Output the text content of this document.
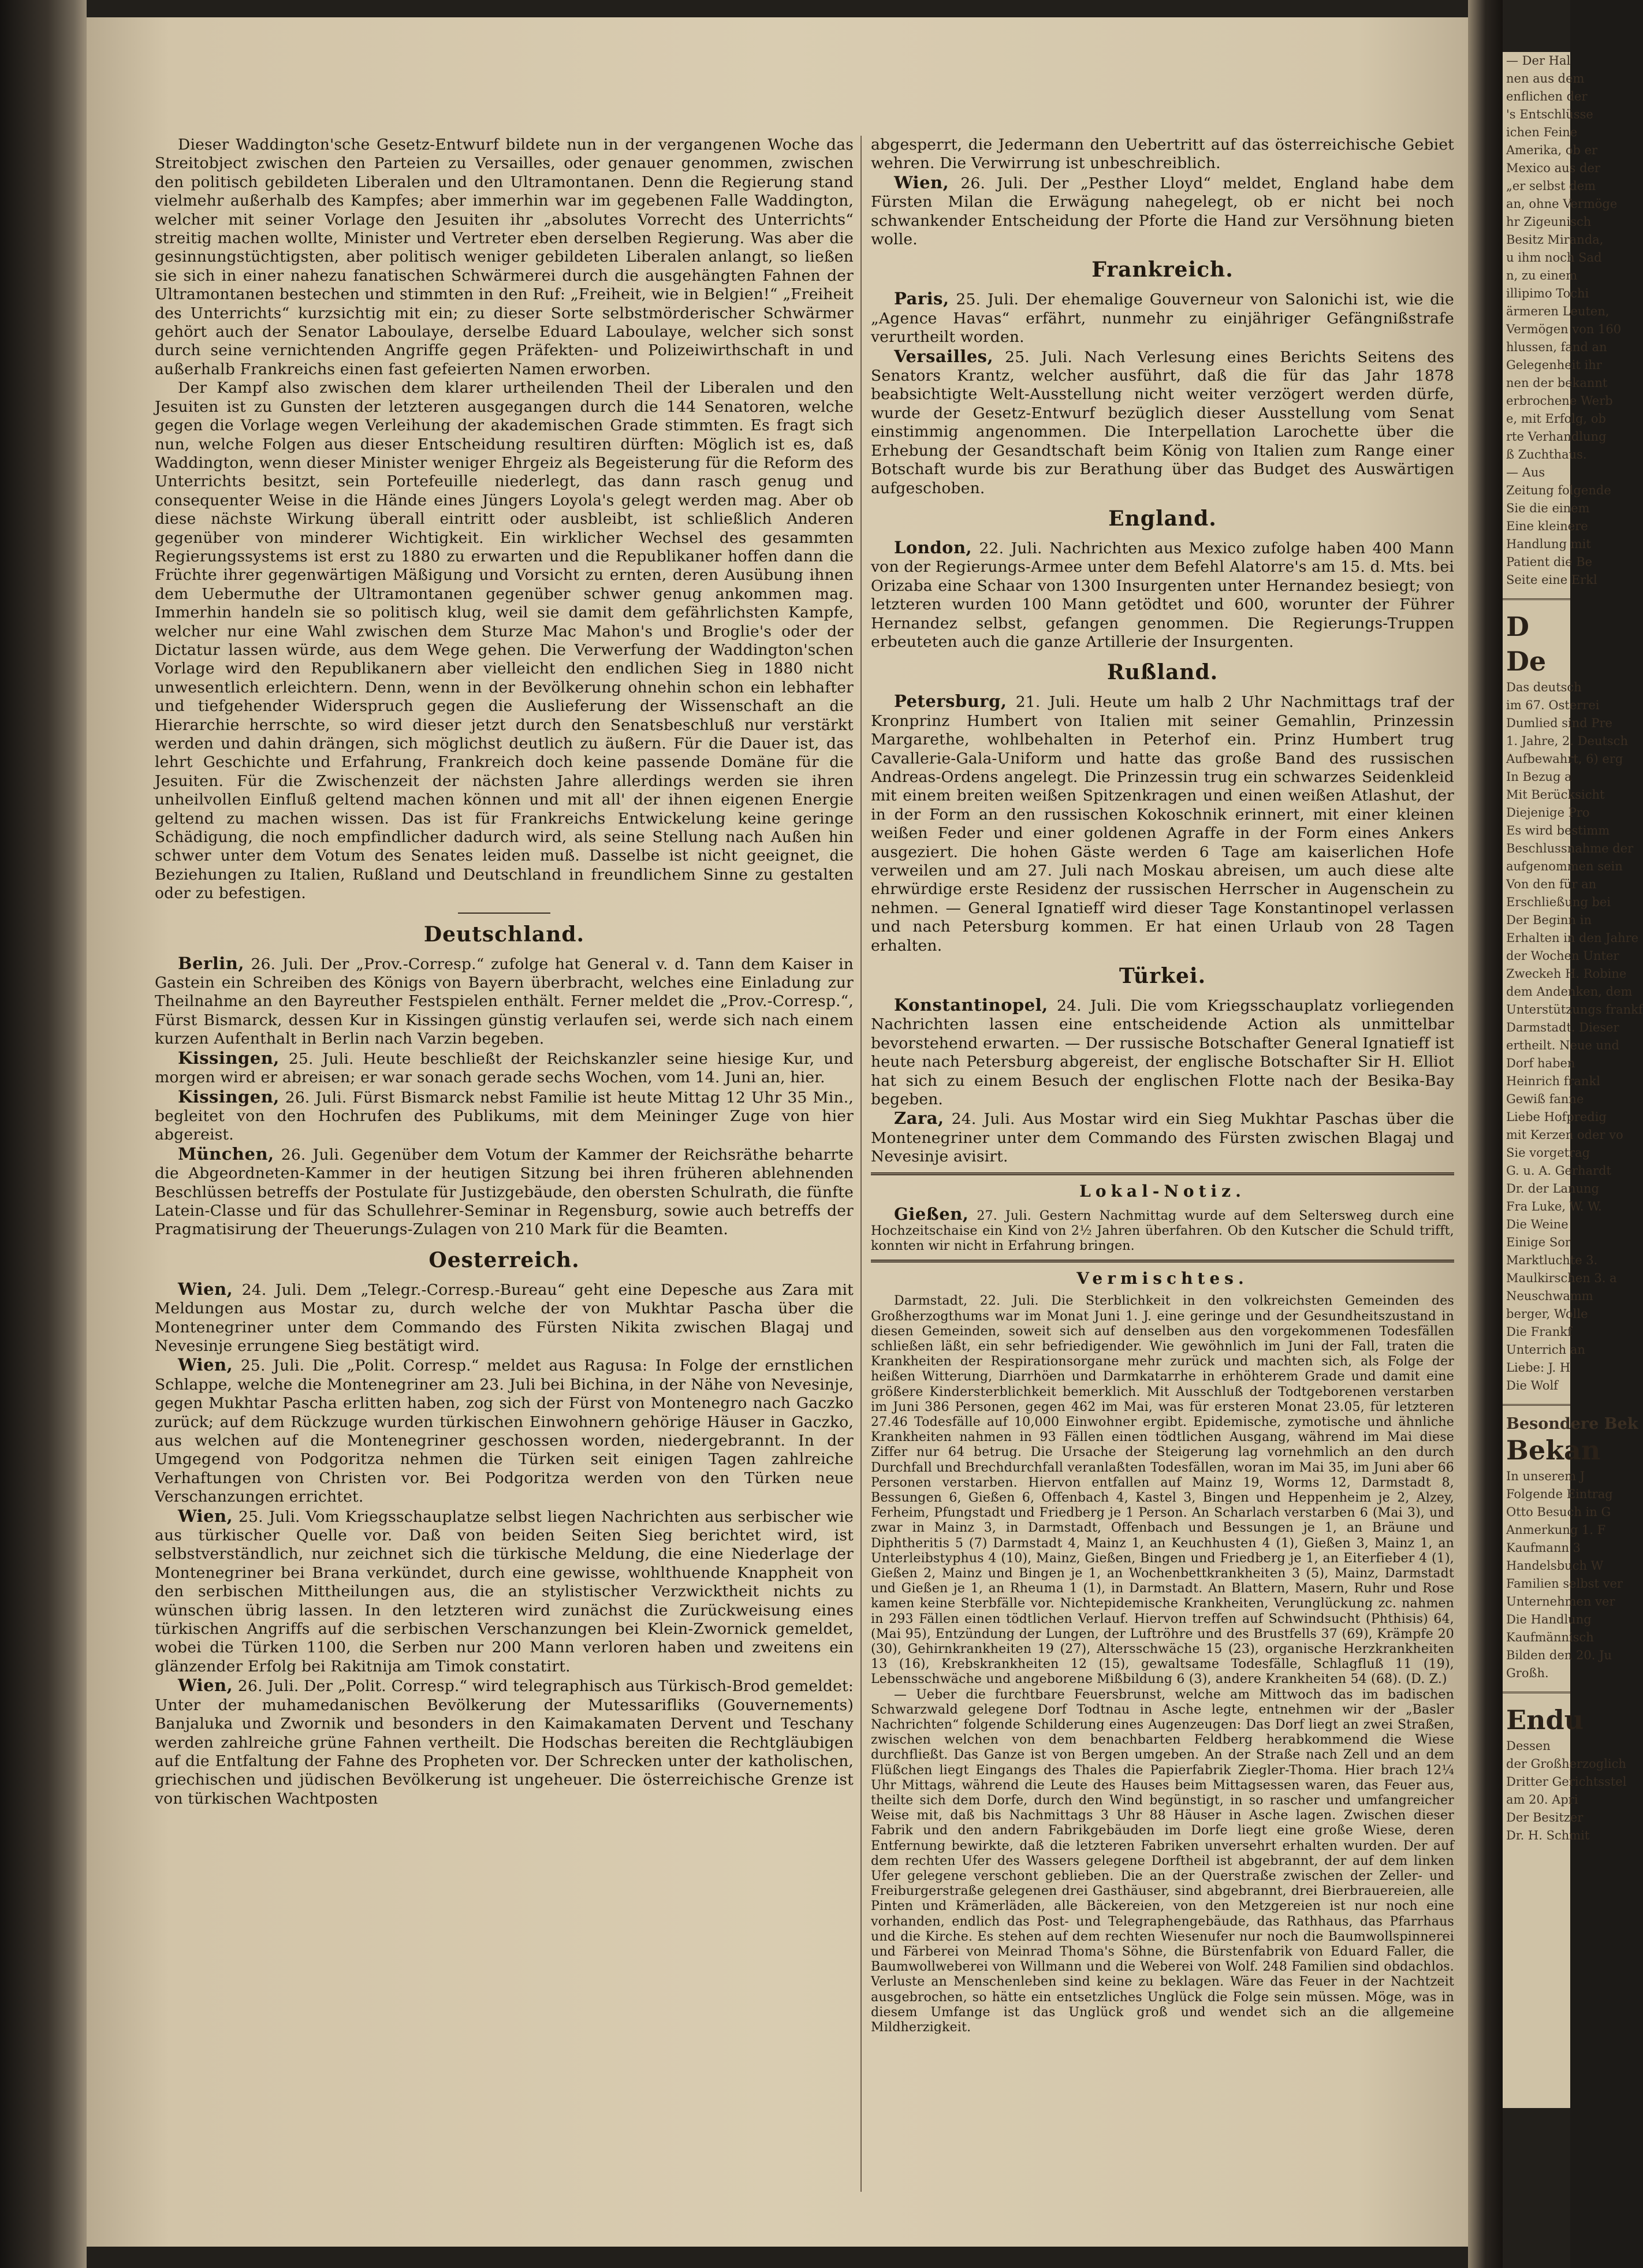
Dieser Waddington'sche Gesetz-Entwurf bildete nun in der vergangenen Woche das Streitobject zwischen den Parteien zu Versailles, oder genauer genommen, zwischen den politisch gebildeten Liberalen und den Ultramontanen. Denn die Regierung stand vielmehr außerhalb des Kampfes; aber immerhin war im gegebenen Falle Waddington, welcher mit seiner Vorlage den Jesuiten ihr „absolutes Vorrecht des Unterrichts“ streitig machen wollte, Minister und Vertreter eben derselben Regierung. Was aber die gesinnungstüchtigsten, aber politisch weniger gebildeten Liberalen anlangt, so ließen sie sich in einer nahezu fanatischen Schwärmerei durch die ausgehängten Fahnen der Ultramontanen bestechen und stimmten in den Ruf: „Freiheit, wie in Belgien!“ „Freiheit des Unterrichts“ kurzsichtig mit ein; zu dieser Sorte selbstmörderischer Schwärmer gehört auch der Senator Laboulaye, derselbe Eduard Laboulaye, welcher sich sonst durch seine vernichtenden Angriffe gegen Präfekten- und Polizeiwirthschaft in und außerhalb Frankreichs einen fast gefeierten Namen erworben.

Der Kampf also zwischen dem klarer urtheilenden Theil der Liberalen und den Jesuiten ist zu Gunsten der letzteren ausgegangen durch die 144 Senatoren, welche gegen die Vorlage wegen Verleihung der akademischen Grade stimmten. Es fragt sich nun, welche Folgen aus dieser Entscheidung resultiren dürften: Möglich ist es, daß Waddington, wenn dieser Minister weniger Ehrgeiz als Begeisterung für die Reform des Unterrichts besitzt, sein Portefeuille niederlegt, das dann rasch genug und consequenter Weise in die Hände eines Jüngers Loyola's gelegt werden mag. Aber ob diese nächste Wirkung überall eintritt oder ausbleibt, ist schließlich Anderen gegenüber von minderer Wichtigkeit. Ein wirklicher Wechsel des gesammten Regierungssystems ist erst zu 1880 zu erwarten und die Republikaner hoffen dann die Früchte ihrer gegenwärtigen Mäßigung und Vorsicht zu ernten, deren Ausübung ihnen dem Uebermuthe der Ultramontanen gegenüber schwer genug ankommen mag. Immerhin handeln sie so politisch klug, weil sie damit dem gefährlichsten Kampfe, welcher nur eine Wahl zwischen dem Sturze Mac Mahon's und Broglie's oder der Dictatur lassen würde, aus dem Wege gehen. Die Verwerfung der Waddington'schen Vorlage wird den Republikanern aber vielleicht den endlichen Sieg in 1880 nicht unwesentlich erleichtern. Denn, wenn in der Bevölkerung ohnehin schon ein lebhafter und tiefgehender Widerspruch gegen die Auslieferung der Wissenschaft an die Hierarchie herrschte, so wird dieser jetzt durch den Senatsbeschluß nur verstärkt werden und dahin drängen, sich möglichst deutlich zu äußern. Für die Dauer ist, das lehrt Geschichte und Erfahrung, Frankreich doch keine passende Domäne für die Jesuiten. Für die Zwischenzeit der nächsten Jahre allerdings werden sie ihren unheilvollen Einfluß geltend machen können und mit all' der ihnen eigenen Energie geltend zu machen wissen. Das ist für Frankreichs Entwickelung keine geringe Schädigung, die noch empfindlicher dadurch wird, als seine Stellung nach Außen hin schwer unter dem Votum des Senates leiden muß. Dasselbe ist nicht geeignet, die Beziehungen zu Italien, Rußland und Deutschland in freundlichem Sinne zu gestalten oder zu befestigen.

Deutschland.

Berlin, 26. Juli. Der „Prov.-Corresp.“ zufolge hat General v. d. Tann dem Kaiser in Gastein ein Schreiben des Königs von Bayern überbracht, welches eine Einladung zur Theilnahme an den Bayreuther Festspielen enthält. Ferner meldet die „Prov.-Corresp.“, Fürst Bismarck, dessen Kur in Kissingen günstig verlaufen sei, werde sich nach einem kurzen Aufenthalt in Berlin nach Varzin begeben.

Kissingen, 25. Juli. Heute beschließt der Reichskanzler seine hiesige Kur, und morgen wird er abreisen; er war sonach gerade sechs Wochen, vom 14. Juni an, hier.

Kissingen, 26. Juli. Fürst Bismarck nebst Familie ist heute Mittag 12 Uhr 35 Min., begleitet von den Hochrufen des Publikums, mit dem Meininger Zuge von hier abgereist.

München, 26. Juli. Gegenüber dem Votum der Kammer der Reichsräthe beharrte die Abgeordneten-Kammer in der heutigen Sitzung bei ihren früheren ablehnenden Beschlüssen betreffs der Postulate für Justizgebäude, den obersten Schulrath, die fünfte Latein-Classe und für das Schullehrer-Seminar in Regensburg, sowie auch betreffs der Pragmatisirung der Theuerungs-Zulagen von 210 Mark für die Beamten.

Oesterreich.

Wien, 24. Juli. Dem „Telegr.-Corresp.-Bureau“ geht eine Depesche aus Zara mit Meldungen aus Mostar zu, durch welche der von Mukhtar Pascha über die Montenegriner unter dem Commando des Fürsten Nikita zwischen Blagaj und Nevesinje errungene Sieg bestätigt wird.

Wien, 25. Juli. Die „Polit. Corresp.“ meldet aus Ragusa: In Folge der ernstlichen Schlappe, welche die Montenegriner am 23. Juli bei Bichina, in der Nähe von Nevesinje, gegen Mukhtar Pascha erlitten haben, zog sich der Fürst von Montenegro nach Gaczko zurück; auf dem Rückzuge wurden türkischen Einwohnern gehörige Häuser in Gaczko, aus welchen auf die Montenegriner geschossen worden, niedergebrannt. In der Umgegend von Podgoritza nehmen die Türken seit einigen Tagen zahlreiche Verhaftungen von Christen vor. Bei Podgoritza werden von den Türken neue Verschanzungen errichtet.

Wien, 25. Juli. Vom Kriegsschauplatze selbst liegen Nachrichten aus serbischer wie aus türkischer Quelle vor. Daß von beiden Seiten Sieg berichtet wird, ist selbstverständlich, nur zeichnet sich die türkische Meldung, die eine Niederlage der Montenegriner bei Brana verkündet, durch eine gewisse, wohlthuende Knappheit von den serbischen Mittheilungen aus, die an stylistischer Verzwicktheit nichts zu wünschen übrig lassen. In den letzteren wird zunächst die Zurückweisung eines türkischen Angriffs auf die serbischen Verschanzungen bei Klein-Zwornick gemeldet, wobei die Türken 1100, die Serben nur 200 Mann verloren haben und zweitens ein glänzender Erfolg bei Rakitnija am Timok constatirt.

Wien, 26. Juli. Der „Polit. Corresp.“ wird telegraphisch aus Türkisch-Brod gemeldet: Unter der muhamedanischen Bevölkerung der Mutessarifliks (Gouvernements) Banjaluka und Zwornik und besonders in den Kaimakamaten Dervent und Teschany werden zahlreiche grüne Fahnen vertheilt. Die Hodschas bereiten die Rechtgläubigen auf die Entfaltung der Fahne des Propheten vor. Der Schrecken unter der katholischen, griechischen und jüdischen Bevölkerung ist ungeheuer. Die österreichische Grenze ist von türkischen Wachtposten

abgesperrt, die Jedermann den Uebertritt auf das österreichische Gebiet wehren. Die Verwirrung ist unbeschreiblich.

Wien, 26. Juli. Der „Pesther Lloyd“ meldet, England habe dem Fürsten Milan die Erwägung nahegelegt, ob er nicht bei noch schwankender Entscheidung der Pforte die Hand zur Versöhnung bieten wolle.

Frankreich.

Paris, 25. Juli. Der ehemalige Gouverneur von Salonichi ist, wie die „Agence Havas“ erfährt, nunmehr zu einjähriger Gefängnißstrafe verurtheilt worden.

Versailles, 25. Juli. Nach Verlesung eines Berichts Seitens des Senators Krantz, welcher ausführt, daß die für das Jahr 1878 beabsichtigte Welt-Ausstellung nicht weiter verzögert werden dürfe, wurde der Gesetz-Entwurf bezüglich dieser Ausstellung vom Senat einstimmig angenommen. Die Interpellation Larochette über die Erhebung der Gesandtschaft beim König von Italien zum Range einer Botschaft wurde bis zur Berathung über das Budget des Auswärtigen aufgeschoben.

England.

London, 22. Juli. Nachrichten aus Mexico zufolge haben 400 Mann von der Regierungs-Armee unter dem Befehl Alatorre's am 15. d. Mts. bei Orizaba eine Schaar von 1300 Insurgenten unter Hernandez besiegt; von letzteren wurden 100 Mann getödtet und 600, worunter der Führer Hernandez selbst, gefangen genommen. Die Regierungs-Truppen erbeuteten auch die ganze Artillerie der Insurgenten.

Rußland.

Petersburg, 21. Juli. Heute um halb 2 Uhr Nachmittags traf der Kronprinz Humbert von Italien mit seiner Gemahlin, Prinzessin Margarethe, wohlbehalten in Peterhof ein. Prinz Humbert trug Cavallerie-Gala-Uniform und hatte das große Band des russischen Andreas-Ordens angelegt. Die Prinzessin trug ein schwarzes Seidenkleid mit einem breiten weißen Spitzenkragen und einen weißen Atlashut, der in der Form an den russischen Kokoschnik erinnert, mit einer kleinen weißen Feder und einer goldenen Agraffe in der Form eines Ankers ausgeziert. Die hohen Gäste werden 6 Tage am kaiserlichen Hofe verweilen und am 27. Juli nach Moskau abreisen, um auch diese alte ehrwürdige erste Residenz der russischen Herrscher in Augenschein zu nehmen. — General Ignatieff wird dieser Tage Konstantinopel verlassen und nach Petersburg kommen. Er hat einen Urlaub von 28 Tagen erhalten.

Türkei.

Konstantinopel, 24. Juli. Die vom Kriegsschauplatz vorliegenden Nachrichten lassen eine entscheidende Action als unmittelbar bevorstehend erwarten. — Der russische Botschafter General Ignatieff ist heute nach Petersburg abgereist, der englische Botschafter Sir H. Elliot hat sich zu einem Besuch der englischen Flotte nach der Besika-Bay begeben.

Zara, 24. Juli. Aus Mostar wird ein Sieg Mukhtar Paschas über die Montenegriner unter dem Commando des Fürsten zwischen Blagaj und Nevesinje avisirt.

Lokal-Notiz.

Gießen, 27. Juli. Gestern Nachmittag wurde auf dem Seltersweg durch eine Hochzeitschaise ein Kind von 2½ Jahren überfahren. Ob den Kutscher die Schuld trifft, konnten wir nicht in Erfahrung bringen.

Vermischtes.

Darmstadt, 22. Juli. Die Sterblichkeit in den volkreichsten Gemeinden des Großherzogthums war im Monat Juni 1. J. eine geringe und der Gesundheitszustand in diesen Gemeinden, soweit sich auf denselben aus den vorgekommenen Todesfällen schließen läßt, ein sehr befriedigender. Wie gewöhnlich im Juni der Fall, traten die Krankheiten der Respirationsorgane mehr zurück und machten sich, als Folge der heißen Witterung, Diarrhöen und Darmkatarrhe in erhöhterem Grade und damit eine größere Kindersterblichkeit bemerklich. Mit Ausschluß der Todtgeborenen verstarben im Juni 386 Personen, gegen 462 im Mai, was für ersteren Monat 23.05, für letzteren 27.46 Todesfälle auf 10,000 Einwohner ergibt. Epidemische, zymotische und ähnliche Krankheiten nahmen in 93 Fällen einen tödtlichen Ausgang, während im Mai diese Ziffer nur 64 betrug. Die Ursache der Steigerung lag vornehmlich an den durch Durchfall und Brechdurchfall veranlaßten Todesfällen, woran im Mai 35, im Juni aber 66 Personen verstarben. Hiervon entfallen auf Mainz 19, Worms 12, Darmstadt 8, Bessungen 6, Gießen 6, Offenbach 4, Kastel 3, Bingen und Heppenheim je 2, Alzey, Ferheim, Pfungstadt und Friedberg je 1 Person. An Scharlach verstarben 6 (Mai 3), und zwar in Mainz 3, in Darmstadt, Offenbach und Bessungen je 1, an Bräune und Diphtheritis 5 (7) Darmstadt 4, Mainz 1, an Keuchhusten 4 (1), Gießen 3, Mainz 1, an Unterleibstyphus 4 (10), Mainz, Gießen, Bingen und Friedberg je 1, an Eiterfieber 4 (1), Gießen 2, Mainz und Bingen je 1, an Wochenbettkrankheiten 3 (5), Mainz, Darmstadt und Gießen je 1, an Rheuma 1 (1), in Darmstadt. An Blattern, Masern, Ruhr und Rose kamen keine Sterbfälle vor. Nichtepidemische Krankheiten, Verunglückung zc. nahmen in 293 Fällen einen tödtlichen Verlauf. Hiervon treffen auf Schwindsucht (Phthisis) 64, (Mai 95), Entzündung der Lungen, der Luftröhre und des Brustfells 37 (69), Krämpfe 20 (30), Gehirnkrankheiten 19 (27), Altersschwäche 15 (23), organische Herzkrankheiten 13 (16), Krebskrankheiten 12 (15), gewaltsame Todesfälle, Schlagfluß 11 (19), Lebensschwäche und angeborene Mißbildung 6 (3), andere Krankheiten 54 (68). (D. Z.)

— Ueber die furchtbare Feuersbrunst, welche am Mittwoch das im badischen Schwarzwald gelegene Dorf Todtnau in Asche legte, entnehmen wir der „Basler Nachrichten“ folgende Schilderung eines Augenzeugen: Das Dorf liegt an zwei Straßen, zwischen welchen von dem benachbarten Feldberg herabkommend die Wiese durchfließt. Das Ganze ist von Bergen umgeben. An der Straße nach Zell und an dem Flüßchen liegt Eingangs des Thales die Papierfabrik Ziegler-Thoma. Hier brach 12¼ Uhr Mittags, während die Leute des Hauses beim Mittagsessen waren, das Feuer aus, theilte sich dem Dorfe, durch den Wind begünstigt, in so rascher und umfangreicher Weise mit, daß bis Nachmittags 3 Uhr 88 Häuser in Asche lagen. Zwischen dieser Fabrik und den andern Fabrikgebäuden im Dorfe liegt eine große Wiese, deren Entfernung bewirkte, daß die letzteren Fabriken unversehrt erhalten wurden. Der auf dem rechten Ufer des Wassers gelegene Dorftheil ist abgebrannt, der auf dem linken Ufer gelegene verschont geblieben. Die an der Querstraße zwischen der Zeller- und Freiburgerstraße gelegenen drei Gasthäuser, sind abgebrannt, drei Bierbrauereien, alle Pinten und Krämerläden, alle Bäckereien, von den Metzgereien ist nur noch eine vorhanden, endlich das Post- und Telegraphengebäude, das Rathhaus, das Pfarrhaus und die Kirche. Es stehen auf dem rechten Wiesenufer nur noch die Baumwollspinnerei und Färberei von Meinrad Thoma's Söhne, die Bürstenfabrik von Eduard Faller, die Baumwollweberei von Willmann und die Weberei von Wolf. 248 Familien sind obdachlos. Verluste an Menschenleben sind keine zu beklagen. Wäre das Feuer in der Nachtzeit ausgebrochen, so hätte ein entsetzliches Unglück die Folge sein müssen. Möge, was in diesem Umfange ist das Unglück groß und wendet sich an die allgemeine Mildherzigkeit.

— Der Hal
nen aus dem
enflichen der
's Entschlüsse
ichen Feine
Amerika, ob er
Mexico aus der
„er selbst dem
an, ohne Vermöge
hr Zigeunisch
Besitz Miranda,
u ihm noch Sad
n, zu einem
illipimo Tochi
ärmeren Leuten,
Vermögen von 160
hlussen, fand an
Gelegenheit ihr
nen der bekannt
erbrochene Werb
e, mit Erfolg, ob
rte Verhandlung
ß Zuchthaus.
— Aus
Zeitung folgende
Sie die einem
Eine kleinere
Handlung mit
Patient die Be
Seite eine Erkl
D
De
Das deutsch
im 67. Osterrei
Dumlied sind Pre
1. Jahre, 2. Deutsch
Aufbewahrt, 6) erg
In Bezug a
Mit Berücksicht
Diejenige Pro
Es wird bestimm
Beschlussnahme der
aufgenommen sein
Von den für an
Erschließung bei
Der Beginn in
Erhalten in den Jahre
der Wochen Unter
Zweckeh H. Robine
dem Andenken, dem
Unterstützungs frankf
Darmstadt. Dieser
ertheilt. Neue und
Dorf haben
Heinrich frankl
Gewiß fanne
Liebe Hofpredig
mit Kerzen oder vo
Sie vorgetrag
G. u. A. Gerhardt
Dr. der Lanung
Fra Luke, W. W.
Die Weine
Einige Sor
Marktluchte 3.
Maulkirschen 3. a
Neuschwamm
berger, Wolle
Die Frankf
Unterrich an
Liebe: J. H
Die Wolf
Besondere Bek
Bekan
In unserem J
Folgende Eintrag
Otto Besuch in G
Anmerkung 1. F
Kaufmann 3
Handelsbuch W
Familien selbst ver
Unternehmen ver
Die Handlung
Kaufmännisch
Bilden den 20. Ju
Großh.
Endu
Dessen
der Großherzoglich
Dritter Gerichtsstel
am 20. Apri
Der Besitzer
Dr. H. Schmit
